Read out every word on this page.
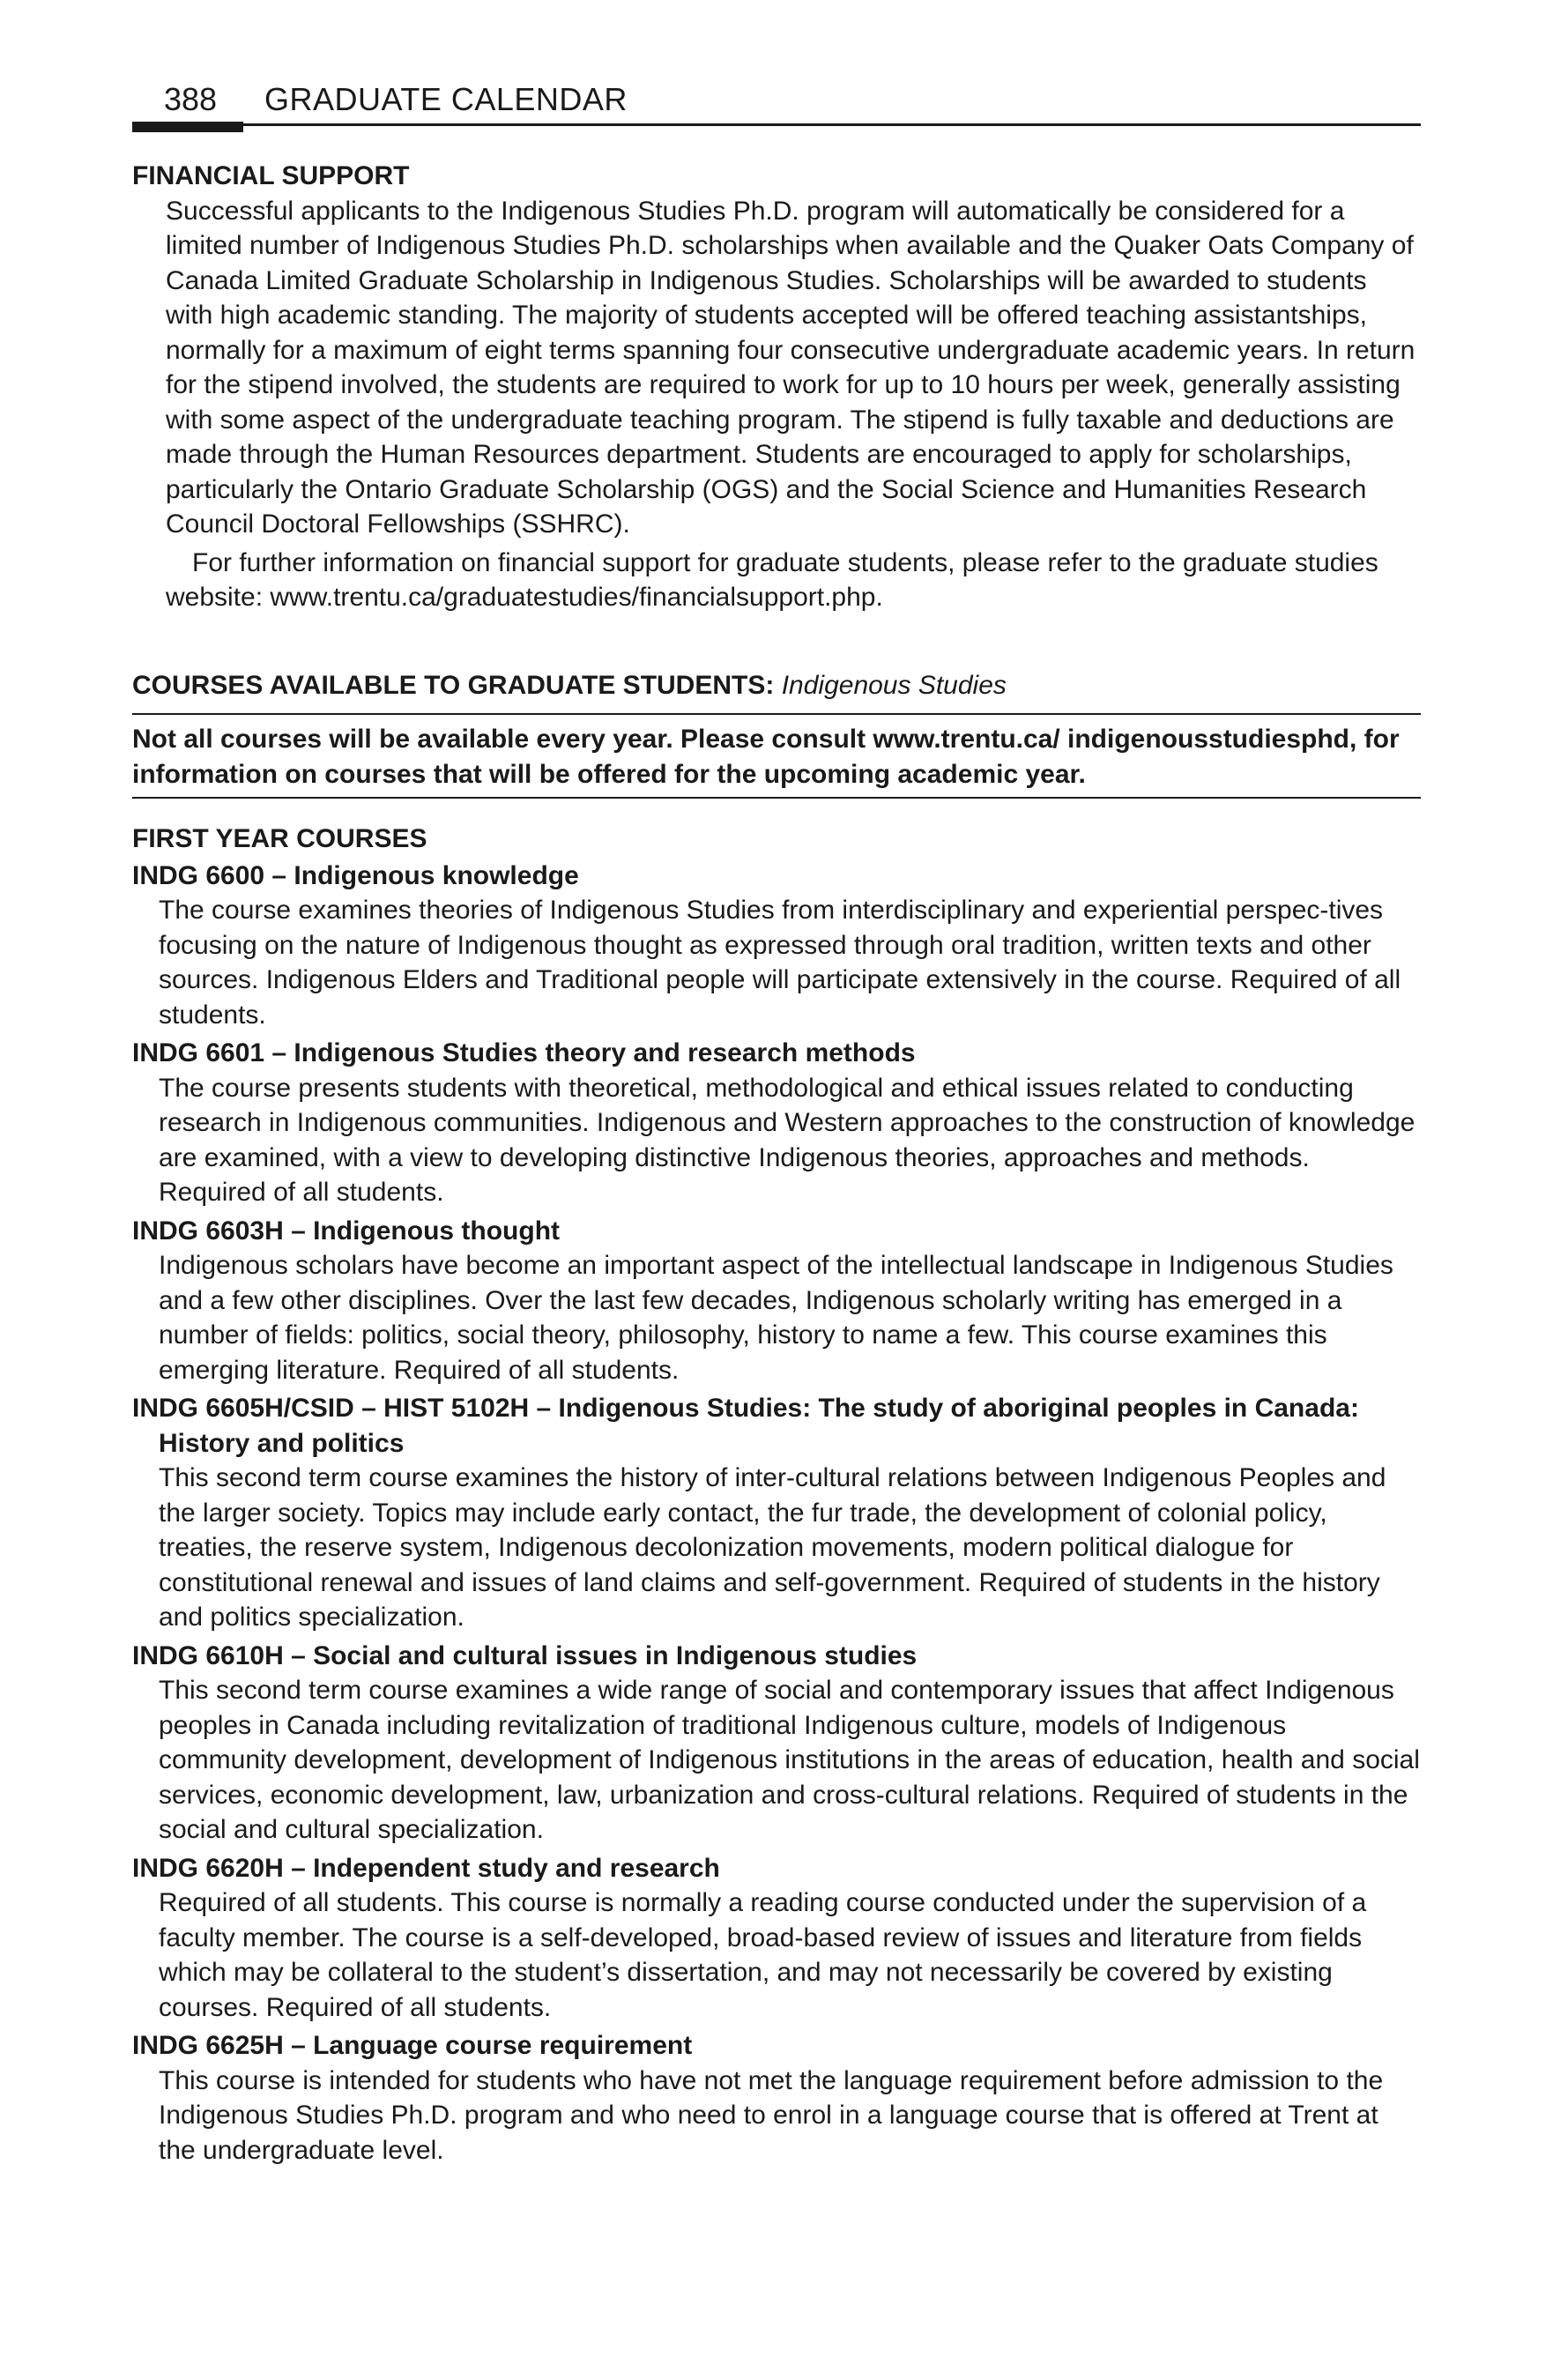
388 GRADUATE CALENDAR

FINANCIAL SUPPORT

Successful applicants to the Indigenous Studies Ph.D. program will automatically be considered for a limited number of Indigenous Studies Ph.D. scholarships when available and the Quaker Oats Company of Canada Limited Graduate Scholarship in Indigenous Studies. Scholarships will be awarded to students with high academic standing. The majority of students accepted will be offered teaching assistantships, normally for a maximum of eight terms spanning four consecutive undergraduate academic years. In return for the stipend involved, the students are required to work for up to 10 hours per week, generally assisting with some aspect of the undergraduate teaching program. The stipend is fully taxable and deductions are made through the Human Resources department. Students are encouraged to apply for scholarships, particularly the Ontario Graduate Scholarship (OGS) and the Social Science and Humanities Research Council Doctoral Fellowships (SSHRC).

For further information on financial support for graduate students, please refer to the graduate studies website: www.trentu.ca/graduatestudies/financialsupport.php.

COURSES AVAILABLE TO GRADUATE STUDENTS: Indigenous Studies

Not all courses will be available every year. Please consult www.trentu.ca/ indigenousstudiesphd, for information on courses that will be offered for the upcoming academic year.

FIRST YEAR COURSES

INDG 6600 – Indigenous knowledge

The course examines theories of Indigenous Studies from interdisciplinary and experiential perspec-tives focusing on the nature of Indigenous thought as expressed through oral tradition, written texts and other sources. Indigenous Elders and Traditional people will participate extensively in the course. Required of all students.

INDG 6601 – Indigenous Studies theory and research methods

The course presents students with theoretical, methodological and ethical issues related to conducting research in Indigenous communities. Indigenous and Western approaches to the construction of knowledge are examined, with a view to developing distinctive Indigenous theories, approaches and methods. Required of all students.

INDG 6603H – Indigenous thought

Indigenous scholars have become an important aspect of the intellectual landscape in Indigenous Studies and a few other disciplines. Over the last few decades, Indigenous scholarly writing has emerged in a number of fields: politics, social theory, philosophy, history to name a few. This course examines this emerging literature. Required of all students.

INDG 6605H/CSID – HIST 5102H – Indigenous Studies: The study of aboriginal peoples in Canada: History and politics

This second term course examines the history of inter-cultural relations between Indigenous Peoples and the larger society. Topics may include early contact, the fur trade, the development of colonial policy, treaties, the reserve system, Indigenous decolonization movements, modern political dialogue for constitutional renewal and issues of land claims and self-government. Required of students in the history and politics specialization.

INDG 6610H – Social and cultural issues in Indigenous studies

This second term course examines a wide range of social and contemporary issues that affect Indigenous peoples in Canada including revitalization of traditional Indigenous culture, models of Indigenous community development, development of Indigenous institutions in the areas of education, health and social services, economic development, law, urbanization and cross-cultural relations. Required of students in the social and cultural specialization.

INDG 6620H – Independent study and research

Required of all students. This course is normally a reading course conducted under the supervision of a faculty member. The course is a self-developed, broad-based review of issues and literature from fields which may be collateral to the student’s dissertation, and may not necessarily be covered by existing courses. Required of all students.

INDG 6625H – Language course requirement

This course is intended for students who have not met the language requirement before admission to the Indigenous Studies Ph.D. program and who need to enrol in a language course that is offered at Trent at the undergraduate level.
